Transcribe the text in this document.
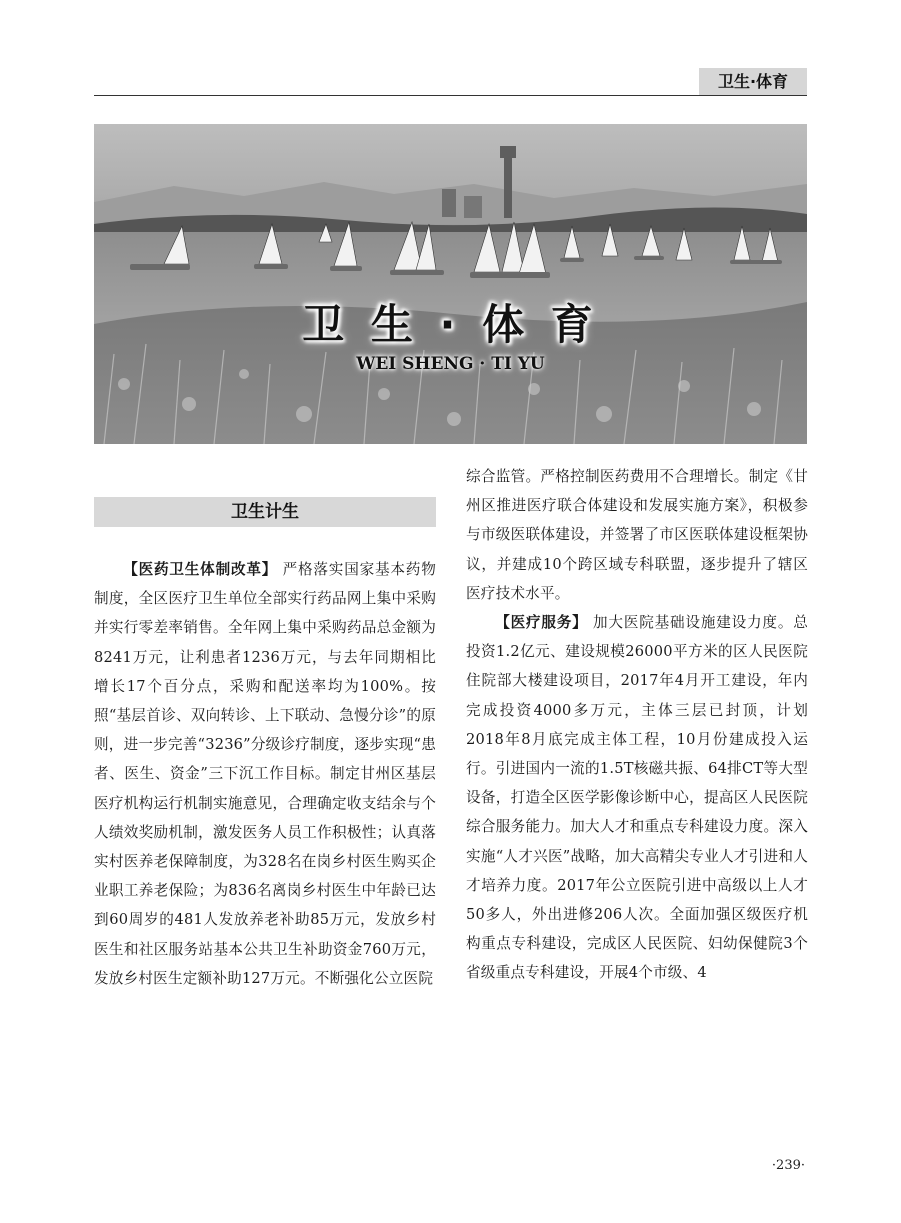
卫生·体育
卫 生 · 体 育
WEI SHENG · TI YU
卫生计生

【医药卫生体制改革】 严格落实国家基本药物制度，全区医疗卫生单位全部实行药品网上集中采购并实行零差率销售。全年网上集中采购药品总金额为8241万元，让利患者1236万元，与去年同期相比增长17个百分点，采购和配送率均为100%。按照“基层首诊、双向转诊、上下联动、急慢分诊”的原则，进一步完善“3236”分级诊疗制度，逐步实现“患者、医生、资金”三下沉工作目标。制定甘州区基层医疗机构运行机制实施意见，合理确定收支结余与个人绩效奖励机制，激发医务人员工作积极性；认真落实村医养老保障制度，为328名在岗乡村医生购买企业职工养老保险；为836名离岗乡村医生中年龄已达到60周岁的481人发放养老补助85万元，发放乡村医生和社区服务站基本公共卫生补助资金760万元，发放乡村医生定额补助127万元。不断强化公立医院

综合监管。严格控制医药费用不合理增长。制定《甘州区推进医疗联合体建设和发展实施方案》，积极参与市级医联体建设，并签署了市区医联体建设框架协议，并建成10个跨区域专科联盟，逐步提升了辖区医疗技术水平。

【医疗服务】 加大医院基础设施建设力度。总投资1.2亿元、建设规模26000平方米的区人民医院住院部大楼建设项目，2017年4月开工建设，年内完成投资4000多万元，主体三层已封顶，计划2018年8月底完成主体工程，10月份建成投入运行。引进国内一流的1.5T核磁共振、64排CT等大型设备，打造全区医学影像诊断中心，提高区人民医院综合服务能力。加大人才和重点专科建设力度。深入实施“人才兴医”战略，加大高精尖专业人才引进和人才培养力度。2017年公立医院引进中高级以上人才50多人，外出进修206人次。全面加强区级医疗机构重点专科建设，完成区人民医院、妇幼保健院3个省级重点专科建设，开展4个市级、4

·239·
